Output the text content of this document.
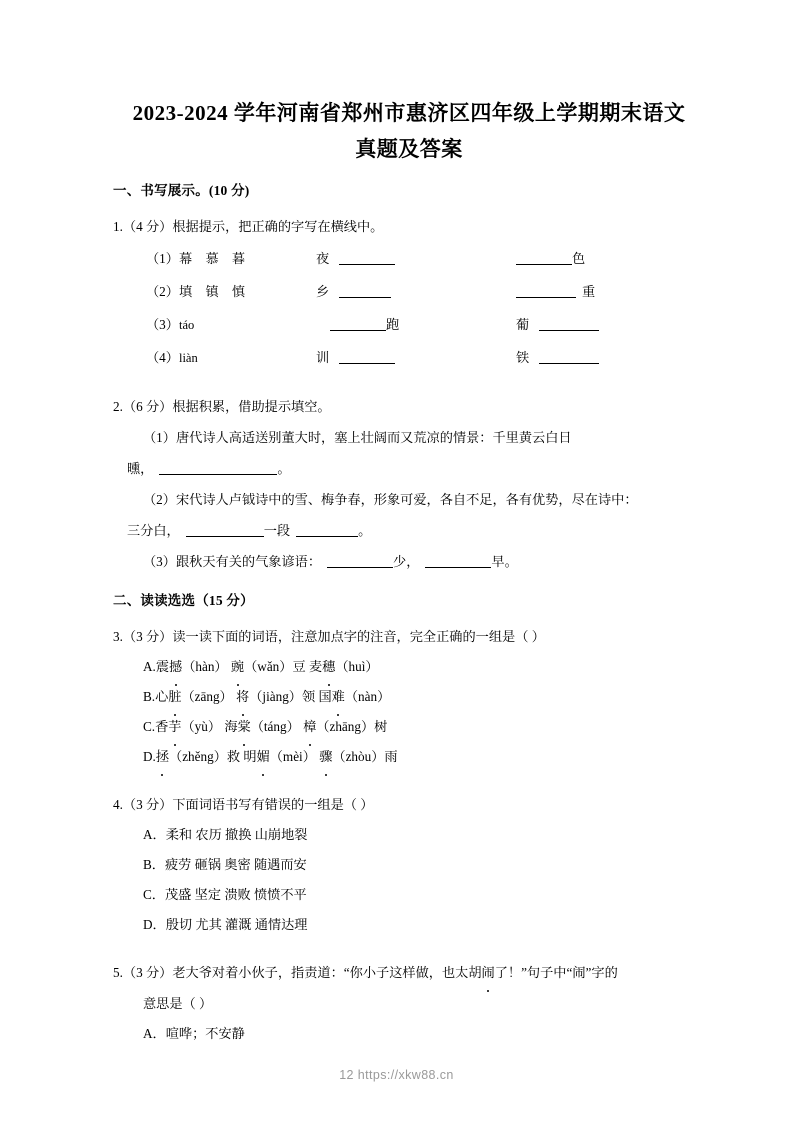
2023-2024 学年河南省郑州市惠济区四年级上学期期末语文
真题及答案
一、书写展示。(10 分)
1.（4 分）根据提示，把正确的字写在横线中。
（1）幕 慕 暮	夜	色
（2）填 镇 慎	乡	重
（3）táo	跑	葡
（4）liàn	训	铁
2.（6 分）根据积累，借助提示填空。
（1）唐代诗人高适送别董大时，塞上壮阔而又荒凉的情景：千里黄云白日
曛，	。
（2）宋代诗人卢钺诗中的雪、梅争春，形象可爱，各自不足，各有优势，尽在诗中：
三分白，	一段	。
（3）跟秋天有关的气象谚语：	少，	早。
二、读读选选（15 分）
3.（3 分）读一读下面的词语，注意加点字的注音，完全正确的一组是（ ）
A.震撼（hàn） 豌（wǎn）豆 麦穗（huì）
B.心脏（zāng） 将（jiàng）领 国难（nàn）
C.香芋（yù） 海棠（táng） 樟（zhāng）树
D.拯（zhěng）救 明媚（mèi） 骤（zhòu）雨
4.（3 分）下面词语书写有错误的一组是（ ）
A．柔和 农历 撤换 山崩地裂
B．疲劳 砸锅 奥密 随遇而安
C．茂盛 坚定 溃败 愤愤不平
D．殷切 尤其 灌溉 通情达理
5.（3 分）老大爷对着小伙子，指责道：“你小子这样做，也太胡闹了！”句子中“闹”字的
意思是（ ）
A．喧哗；不安静
12 https://xkw88.cn
